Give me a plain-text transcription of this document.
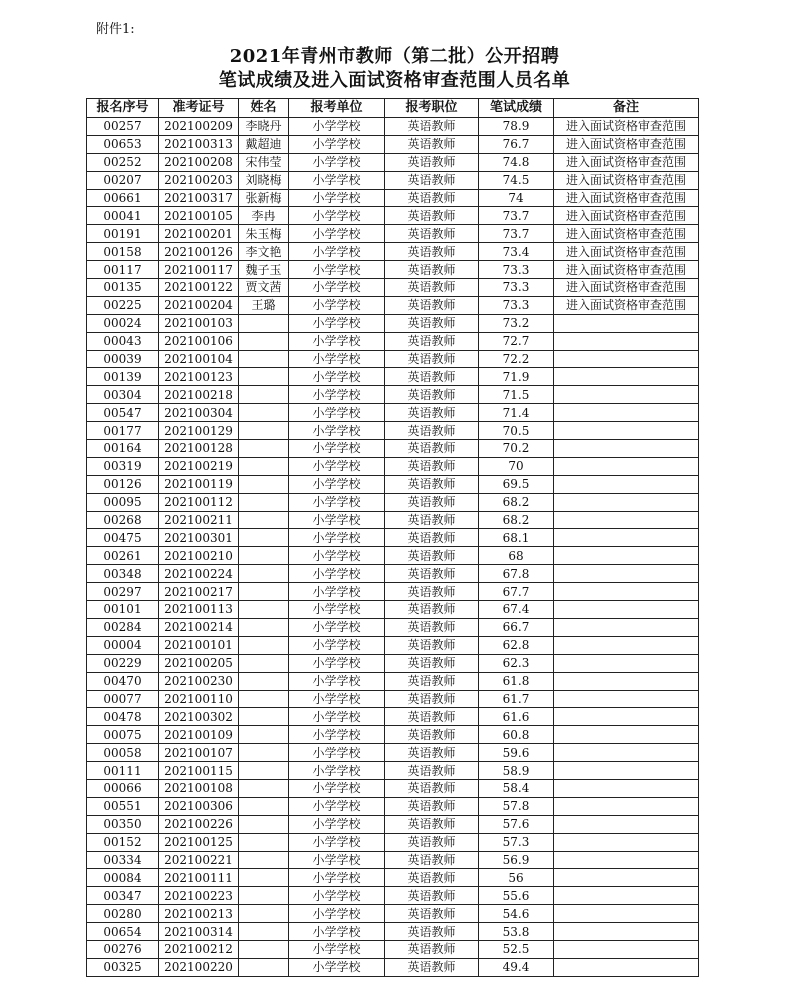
附件1:
2021年青州市教师（第二批）公开招聘
笔试成绩及进入面试资格审查范围人员名单
报名序号	准考证号	姓名	报考单位	报考职位	笔试成绩	备注
00257	202100209	李晓丹	小学学校	英语教师	78.9	进入面试资格审查范围
00653	202100313	戴超迪	小学学校	英语教师	76.7	进入面试资格审查范围
00252	202100208	宋伟莹	小学学校	英语教师	74.8	进入面试资格审查范围
00207	202100203	刘晓梅	小学学校	英语教师	74.5	进入面试资格审查范围
00661	202100317	张新梅	小学学校	英语教师	74	进入面试资格审查范围
00041	202100105	李冉	小学学校	英语教师	73.7	进入面试资格审查范围
00191	202100201	朱玉梅	小学学校	英语教师	73.7	进入面试资格审查范围
00158	202100126	李文艳	小学学校	英语教师	73.4	进入面试资格审查范围
00117	202100117	魏子玉	小学学校	英语教师	73.3	进入面试资格审查范围
00135	202100122	贾文茜	小学学校	英语教师	73.3	进入面试资格审查范围
00225	202100204	王璐	小学学校	英语教师	73.3	进入面试资格审查范围
00024	202100103		小学学校	英语教师	73.2	
00043	202100106		小学学校	英语教师	72.7	
00039	202100104		小学学校	英语教师	72.2	
00139	202100123		小学学校	英语教师	71.9	
00304	202100218		小学学校	英语教师	71.5	
00547	202100304		小学学校	英语教师	71.4	
00177	202100129		小学学校	英语教师	70.5	
00164	202100128		小学学校	英语教师	70.2	
00319	202100219		小学学校	英语教师	70	
00126	202100119		小学学校	英语教师	69.5	
00095	202100112		小学学校	英语教师	68.2	
00268	202100211		小学学校	英语教师	68.2	
00475	202100301		小学学校	英语教师	68.1	
00261	202100210		小学学校	英语教师	68	
00348	202100224		小学学校	英语教师	67.8	
00297	202100217		小学学校	英语教师	67.7	
00101	202100113		小学学校	英语教师	67.4	
00284	202100214		小学学校	英语教师	66.7	
00004	202100101		小学学校	英语教师	62.8	
00229	202100205		小学学校	英语教师	62.3	
00470	202100230		小学学校	英语教师	61.8	
00077	202100110		小学学校	英语教师	61.7	
00478	202100302		小学学校	英语教师	61.6	
00075	202100109		小学学校	英语教师	60.8	
00058	202100107		小学学校	英语教师	59.6	
00111	202100115		小学学校	英语教师	58.9	
00066	202100108		小学学校	英语教师	58.4	
00551	202100306		小学学校	英语教师	57.8	
00350	202100226		小学学校	英语教师	57.6	
00152	202100125		小学学校	英语教师	57.3	
00334	202100221		小学学校	英语教师	56.9	
00084	202100111		小学学校	英语教师	56	
00347	202100223		小学学校	英语教师	55.6	
00280	202100213		小学学校	英语教师	54.6	
00654	202100314		小学学校	英语教师	53.8	
00276	202100212		小学学校	英语教师	52.5	
00325	202100220		小学学校	英语教师	49.4	
